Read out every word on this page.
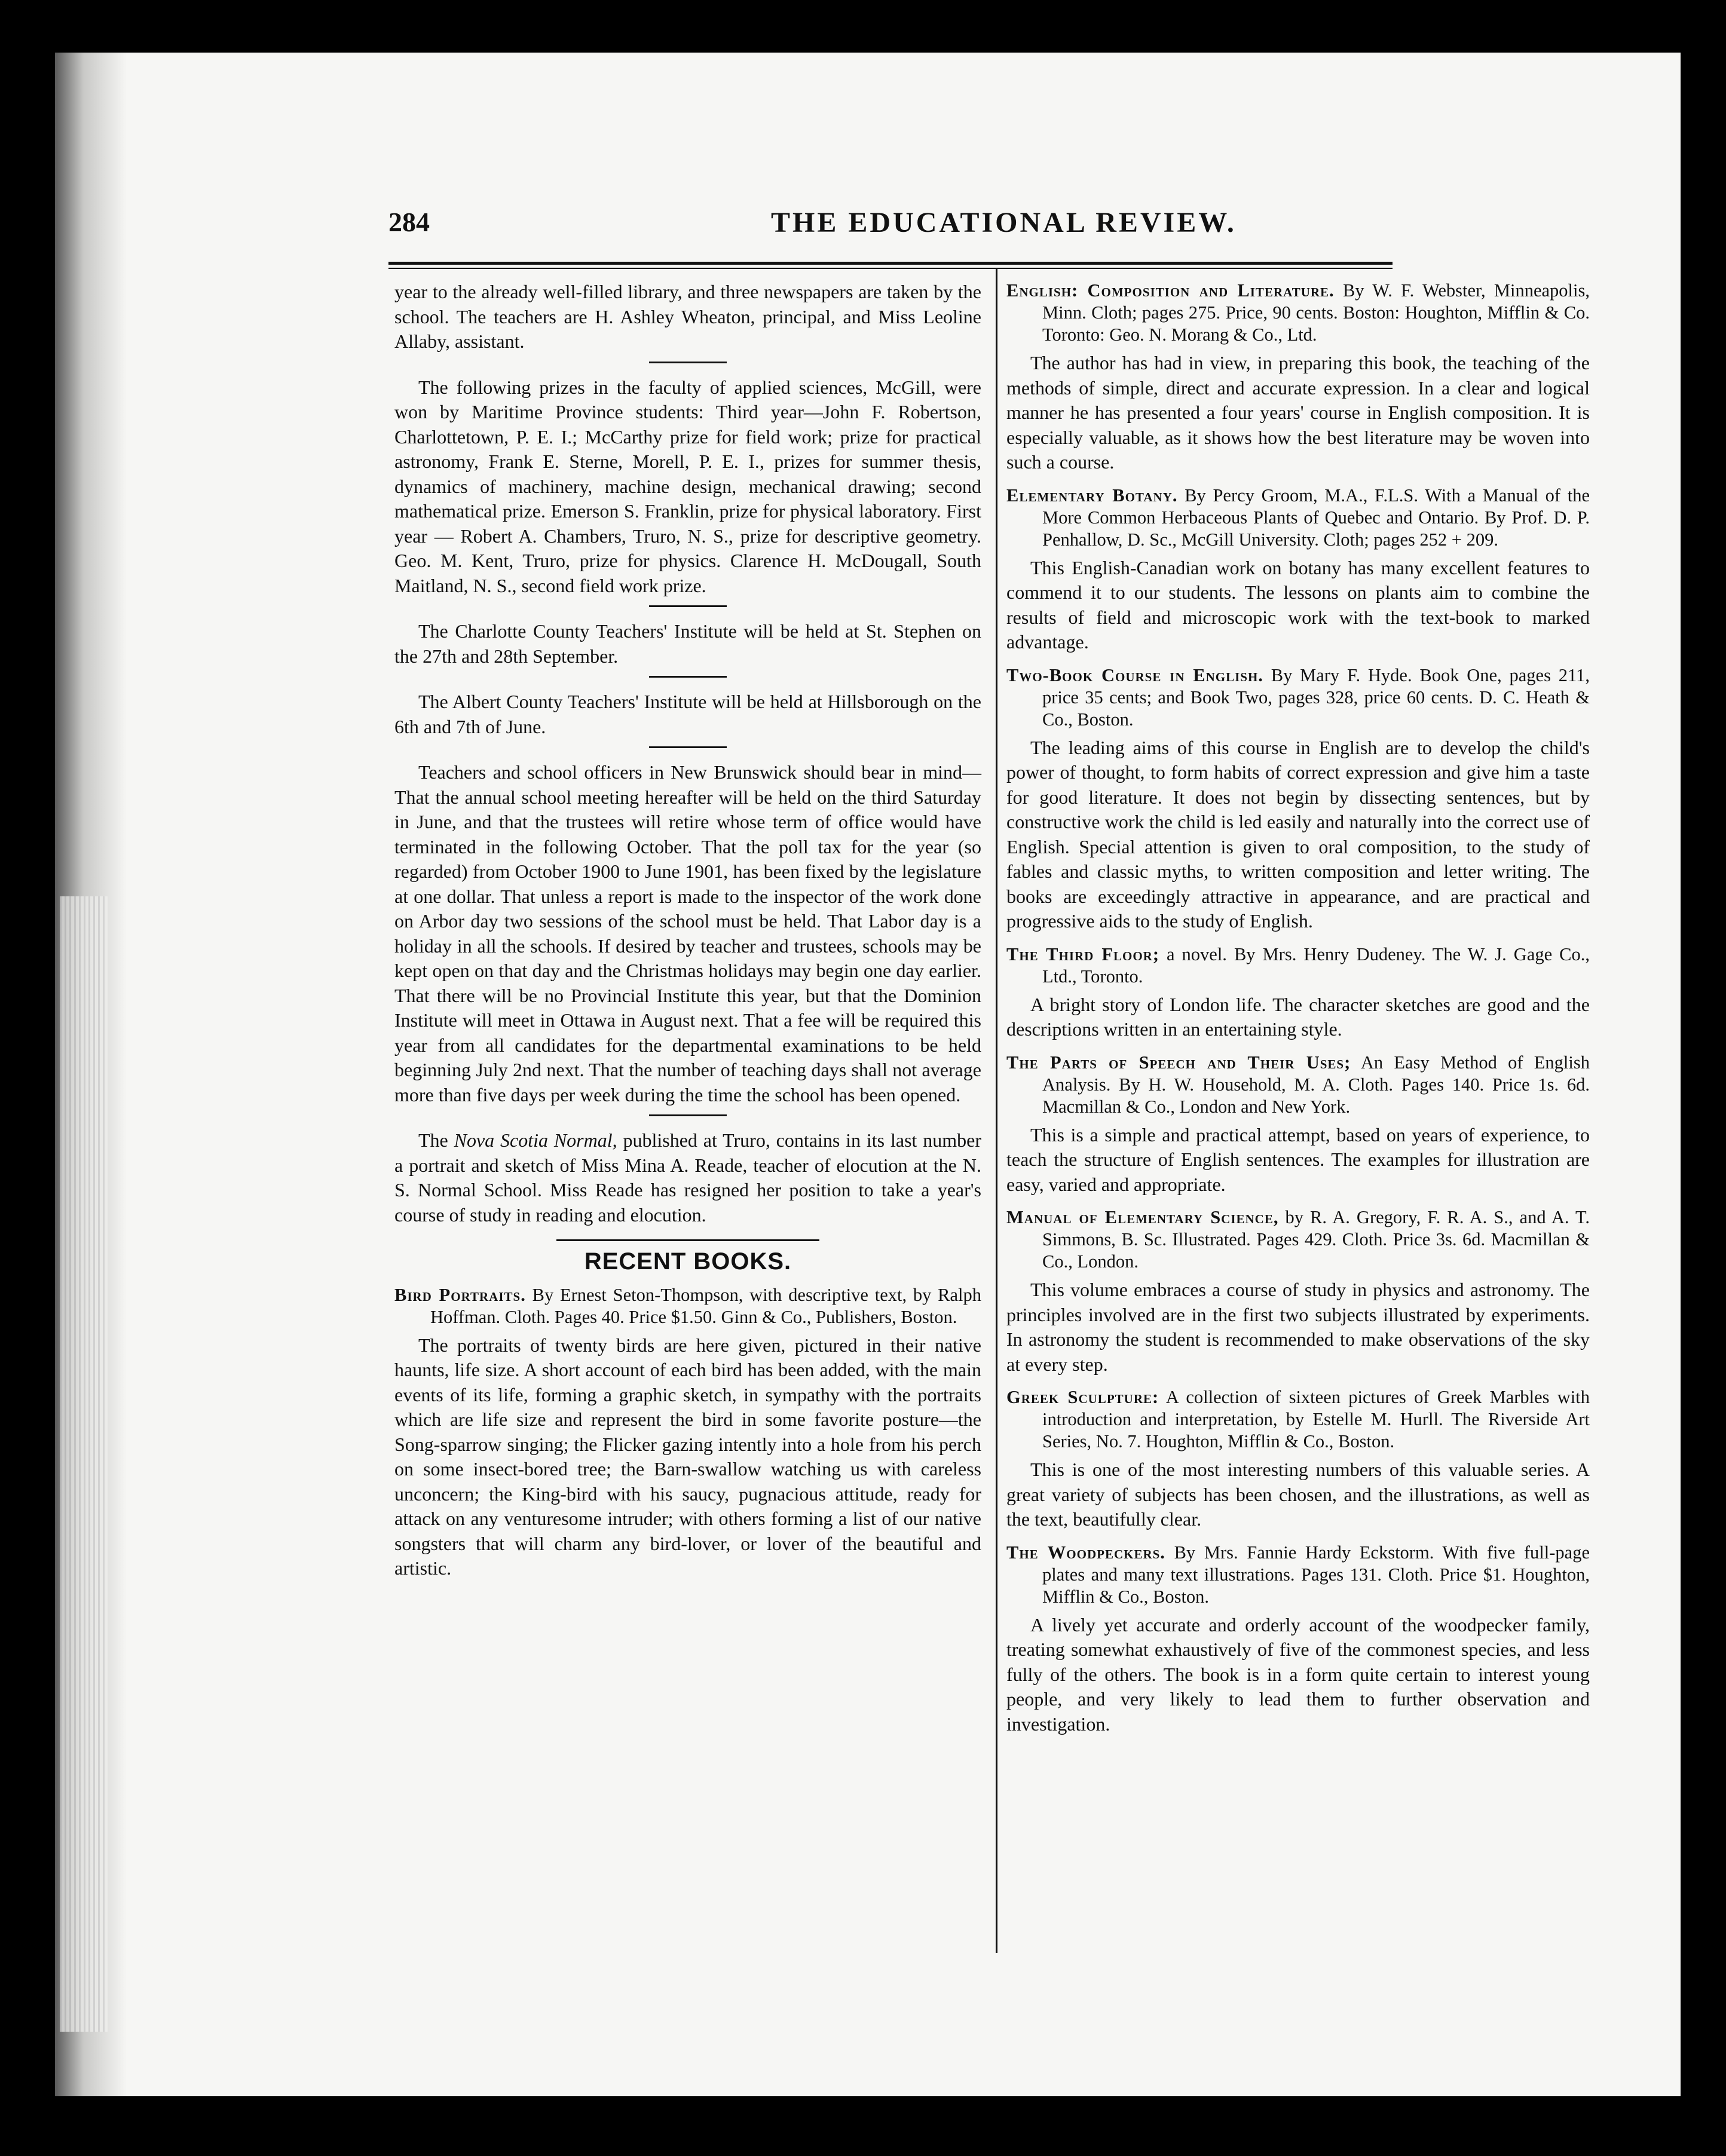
284	THE EDUCATIONAL REVIEW.

year to the already well-filled library, and three newspapers are taken by the school. The teachers are H. Ashley Wheaton, principal, and Miss Leoline Allaby, assistant.

The following prizes in the faculty of applied sciences, McGill, were won by Maritime Province students: Third year—John F. Robertson, Charlottetown, P. E. I.; McCarthy prize for field work; prize for practical astronomy, Frank E. Sterne, Morell, P. E. I., prizes for summer thesis, dynamics of machinery, machine design, mechanical drawing; second mathematical prize. Emerson S. Franklin, prize for physical laboratory. First year — Robert A. Chambers, Truro, N. S., prize for descriptive geometry. Geo. M. Kent, Truro, prize for physics. Clarence H. McDougall, South Maitland, N. S., second field work prize.

The Charlotte County Teachers' Institute will be held at St. Stephen on the 27th and 28th September.

The Albert County Teachers' Institute will be held at Hillsborough on the 6th and 7th of June.

Teachers and school officers in New Brunswick should bear in mind—That the annual school meeting hereafter will be held on the third Saturday in June, and that the trustees will retire whose term of office would have terminated in the following October. That the poll tax for the year (so regarded) from October 1900 to June 1901, has been fixed by the legislature at one dollar. That unless a report is made to the inspector of the work done on Arbor day two sessions of the school must be held. That Labor day is a holiday in all the schools. If desired by teacher and trustees, schools may be kept open on that day and the Christmas holidays may begin one day earlier. That there will be no Provincial Institute this year, but that the Dominion Institute will meet in Ottawa in August next. That a fee will be required this year from all candidates for the departmental examinations to be held beginning July 2nd next. That the number of teaching days shall not average more than five days per week during the time the school has been opened.

The Nova Scotia Normal, published at Truro, contains in its last number a portrait and sketch of Miss Mina A. Reade, teacher of elocution at the N. S. Normal School. Miss Reade has resigned her position to take a year's course of study in reading and elocution.

RECENT BOOKS.

Bird Portraits. By Ernest Seton-Thompson, with descriptive text, by Ralph Hoffman. Cloth. Pages 40. Price $1.50. Ginn & Co., Publishers, Boston.

The portraits of twenty birds are here given, pictured in their native haunts, life size. A short account of each bird has been added, with the main events of its life, forming a graphic sketch, in sympathy with the portraits which are life size and represent the bird in some favorite posture—the Song-sparrow singing; the Flicker gazing intently into a hole from his perch on some insect-bored tree; the Barn-swallow watching us with careless unconcern; the King-bird with his saucy, pugnacious attitude, ready for attack on any venturesome intruder; with others forming a list of our native songsters that will charm any bird-lover, or lover of the beautiful and artistic.

English: Composition and Literature. By W. F. Webster, Minneapolis, Minn. Cloth; pages 275. Price, 90 cents. Boston: Houghton, Mifflin & Co. Toronto: Geo. N. Morang & Co., Ltd.

The author has had in view, in preparing this book, the teaching of the methods of simple, direct and accurate expression. In a clear and logical manner he has presented a four years' course in English composition. It is especially valuable, as it shows how the best literature may be woven into such a course.

Elementary Botany. By Percy Groom, M.A., F.L.S. With a Manual of the More Common Herbaceous Plants of Quebec and Ontario. By Prof. D. P. Penhallow, D. Sc., McGill University. Cloth; pages 252 + 209.

This English-Canadian work on botany has many excellent features to commend it to our students. The lessons on plants aim to combine the results of field and microscopic work with the text-book to marked advantage.

Two-Book Course in English. By Mary F. Hyde. Book One, pages 211, price 35 cents; and Book Two, pages 328, price 60 cents. D. C. Heath & Co., Boston.

The leading aims of this course in English are to develop the child's power of thought, to form habits of correct expression and give him a taste for good literature. It does not begin by dissecting sentences, but by constructive work the child is led easily and naturally into the correct use of English. Special attention is given to oral composition, to the study of fables and classic myths, to written composition and letter writing. The books are exceedingly attractive in appearance, and are practical and progressive aids to the study of English.

The Third Floor; a novel. By Mrs. Henry Dudeney. The W. J. Gage Co., Ltd., Toronto.

A bright story of London life. The character sketches are good and the descriptions written in an entertaining style.

The Parts of Speech and Their Uses; An Easy Method of English Analysis. By H. W. Household, M. A. Cloth. Pages 140. Price 1s. 6d. Macmillan & Co., London and New York.

This is a simple and practical attempt, based on years of experience, to teach the structure of English sentences. The examples for illustration are easy, varied and appropriate.

Manual of Elementary Science, by R. A. Gregory, F. R. A. S., and A. T. Simmons, B. Sc. Illustrated. Pages 429. Cloth. Price 3s. 6d. Macmillan & Co., London.

This volume embraces a course of study in physics and astronomy. The principles involved are in the first two subjects illustrated by experiments. In astronomy the student is recommended to make observations of the sky at every step.

Greek Sculpture: A collection of sixteen pictures of Greek Marbles with introduction and interpretation, by Estelle M. Hurll. The Riverside Art Series, No. 7. Houghton, Mifflin & Co., Boston.

This is one of the most interesting numbers of this valuable series. A great variety of subjects has been chosen, and the illustrations, as well as the text, beautifully clear.

The Woodpeckers. By Mrs. Fannie Hardy Eckstorm. With five full-page plates and many text illustrations. Pages 131. Cloth. Price $1. Houghton, Mifflin & Co., Boston.

A lively yet accurate and orderly account of the woodpecker family, treating somewhat exhaustively of five of the commonest species, and less fully of the others. The book is in a form quite certain to interest young people, and very likely to lead them to further observation and investigation.
